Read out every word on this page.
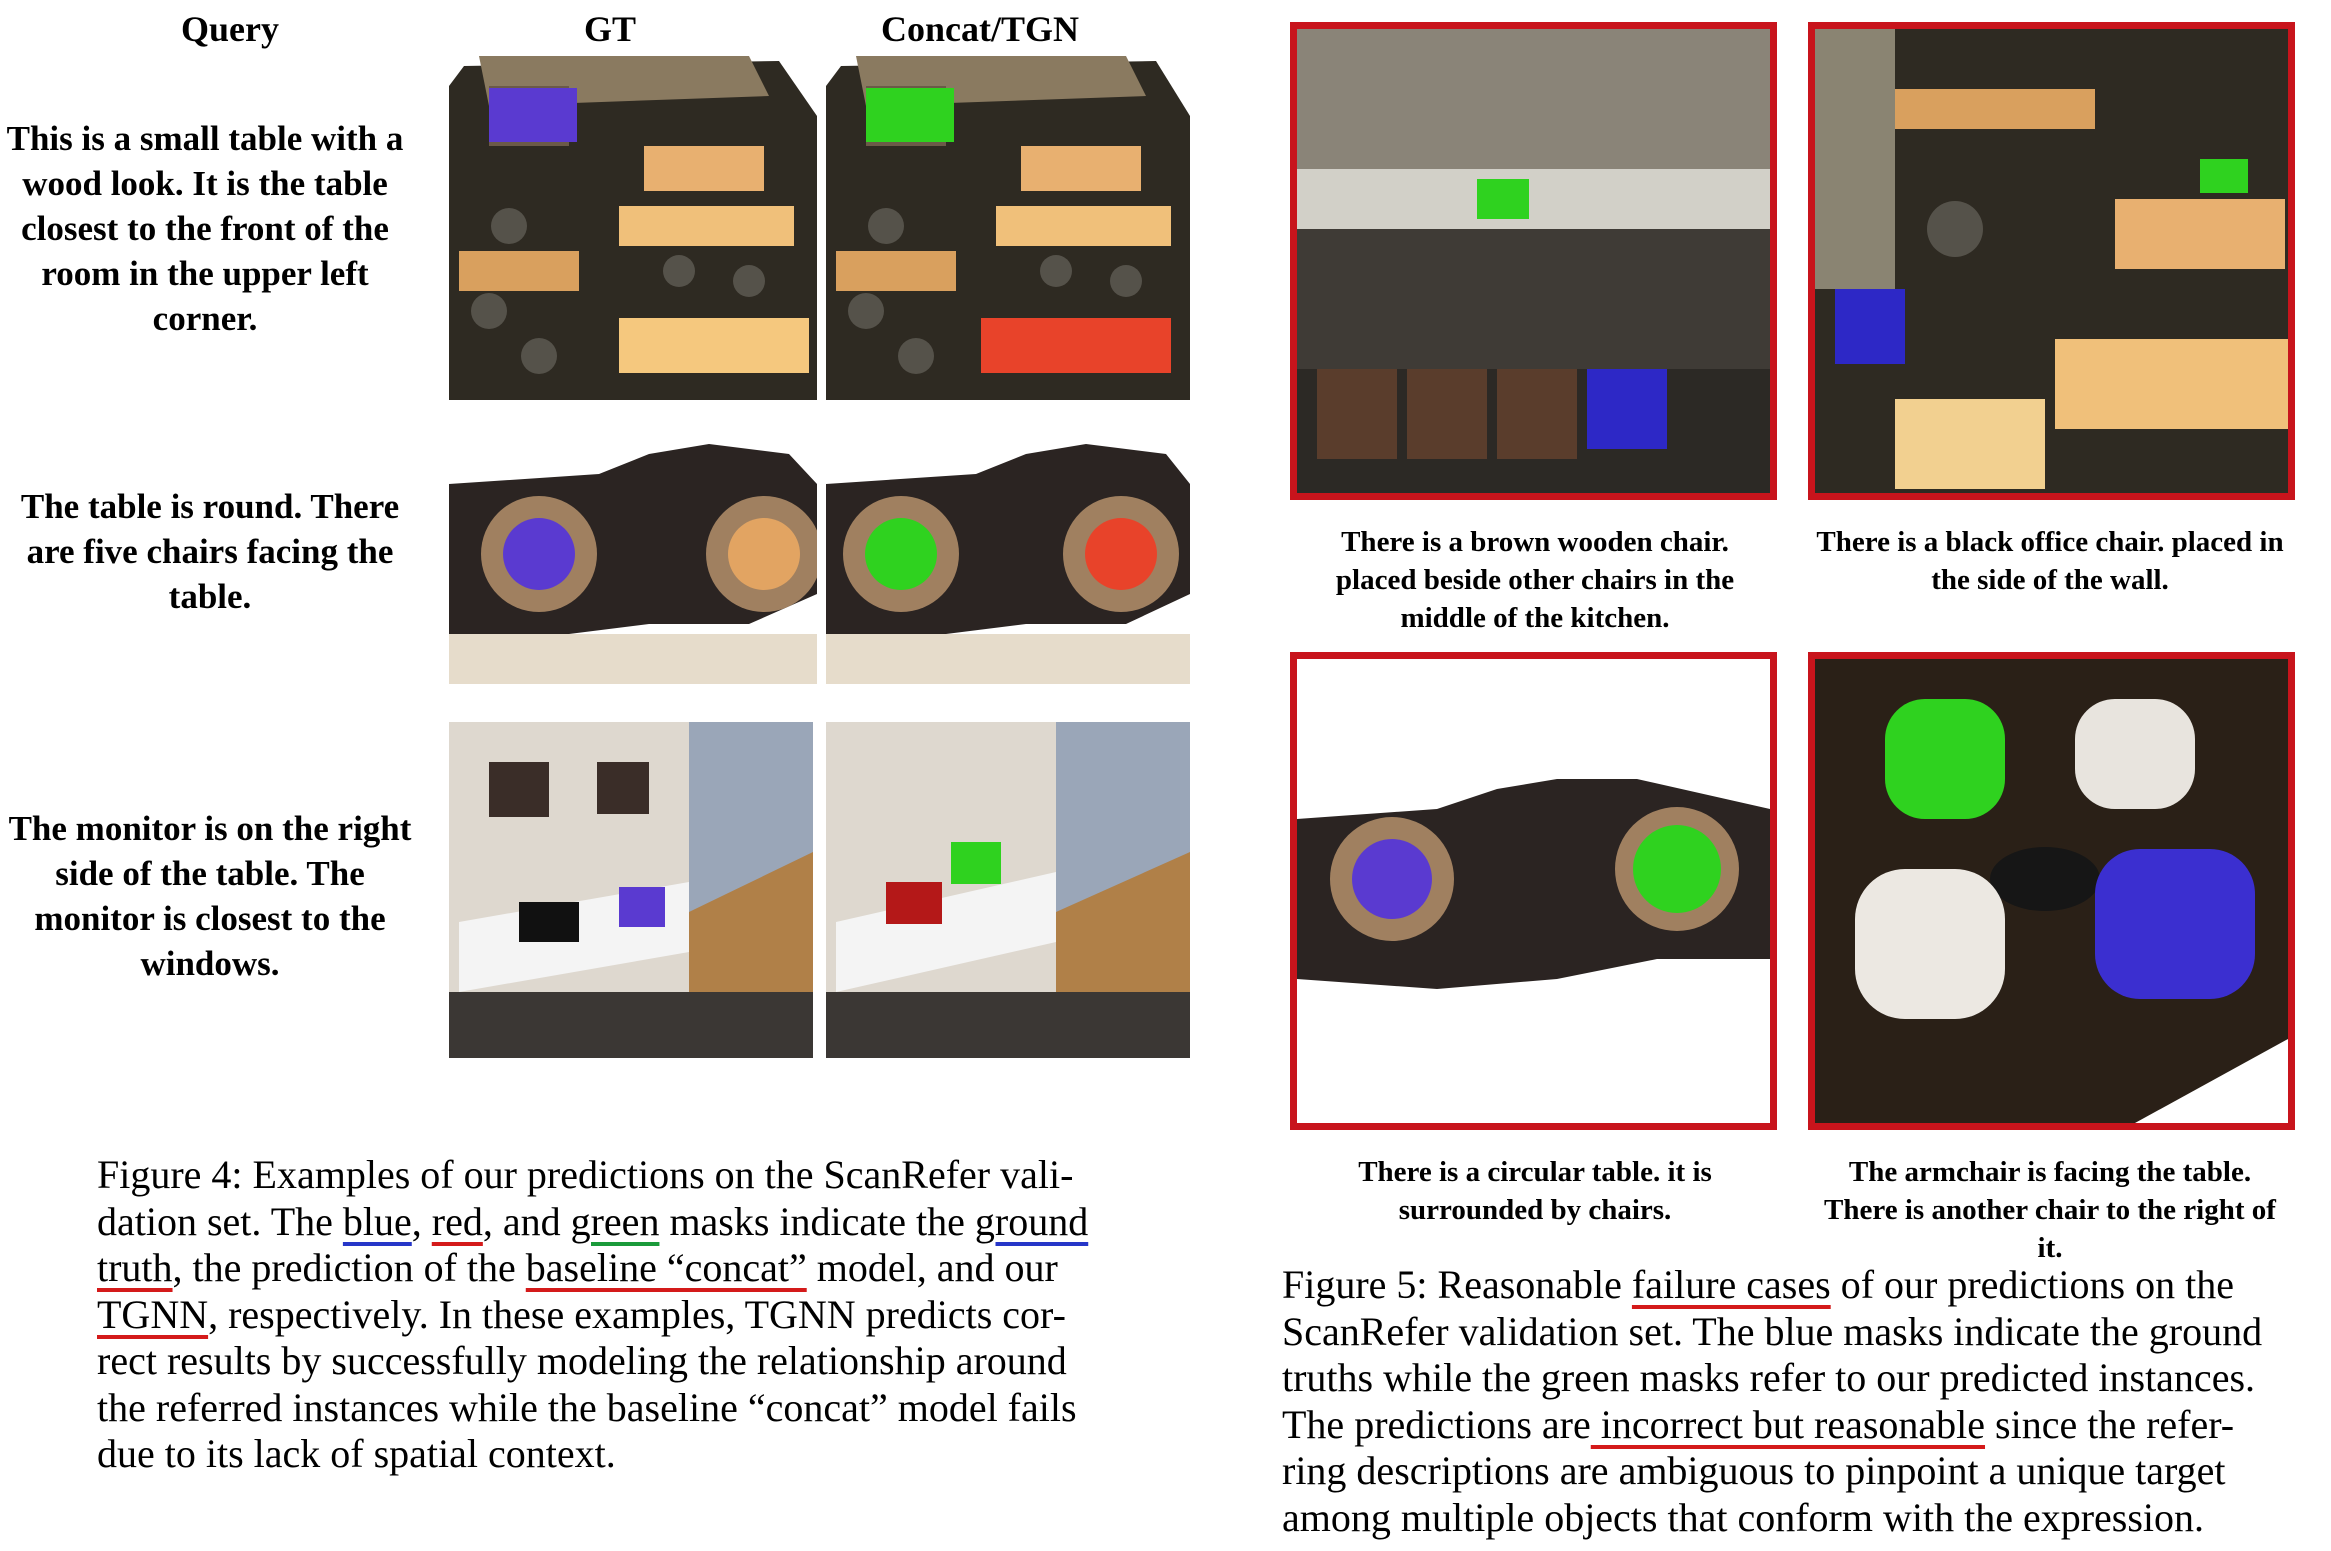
Query	GT	Concat/TGN
This is a small table with a wood look. It is the table closest to the front of the room in the upper left corner.
The table is round. There are five chairs facing the table.
The monitor is on the right side of the table. The monitor is closest to the windows.
Figure 4: Examples of our predictions on the ScanRefer vali-
dation set. The blue, red, and green masks indicate the ground
truth, the prediction of the baseline “concat” model, and our
TGNN, respectively. In these examples, TGNN predicts cor-
rect results by successfully modeling the relationship around
the referred instances while the baseline “concat” model fails
due to its lack of spatial context.
There is a brown wooden chair. placed beside other chairs in the middle of the kitchen.
There is a black office chair. placed in the side of the wall.
There is a circular table. it is surrounded by chairs.
The armchair is facing the table. There is another chair to the right of it.
Figure 5: Reasonable failure cases of our predictions on the
ScanRefer validation set. The blue masks indicate the ground
truths while the green masks refer to our predicted instances.
The predictions are incorrect but reasonable since the refer-
ring descriptions are ambiguous to pinpoint a unique target
among multiple objects that conform with the expression.
